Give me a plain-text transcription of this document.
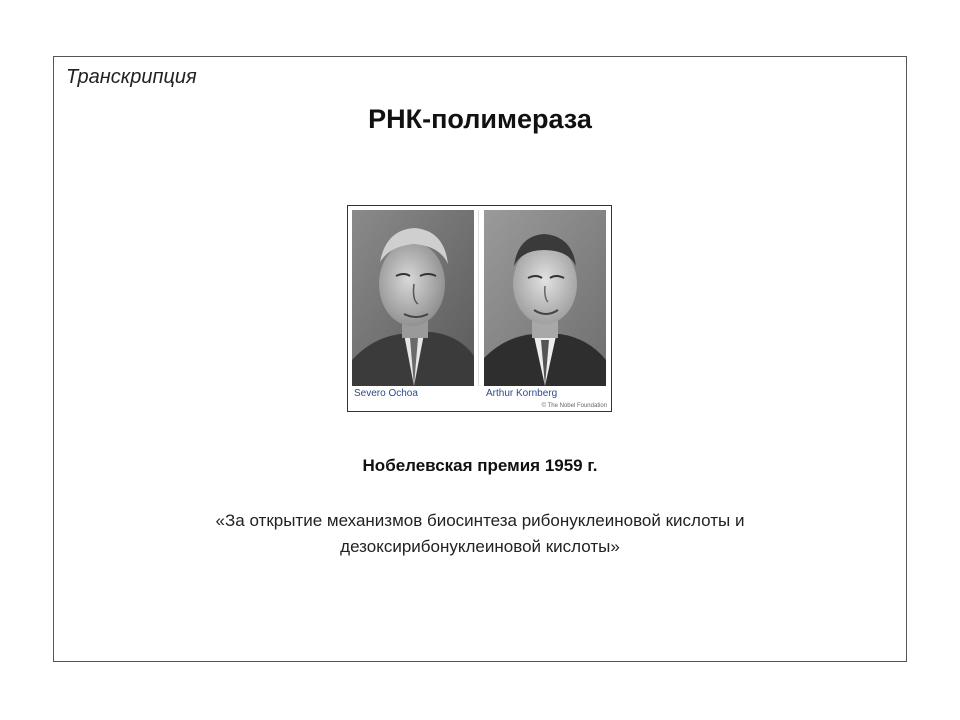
Транскрипция
РНК-полимераза
Severo Ochoa	Arthur Kornberg
© The Nobel Foundation
Нобелевская премия 1959 г.
«За открытие механизмов биосинтеза рибонуклеиновой кислоты и дезоксирибонуклеиновой кислоты»
